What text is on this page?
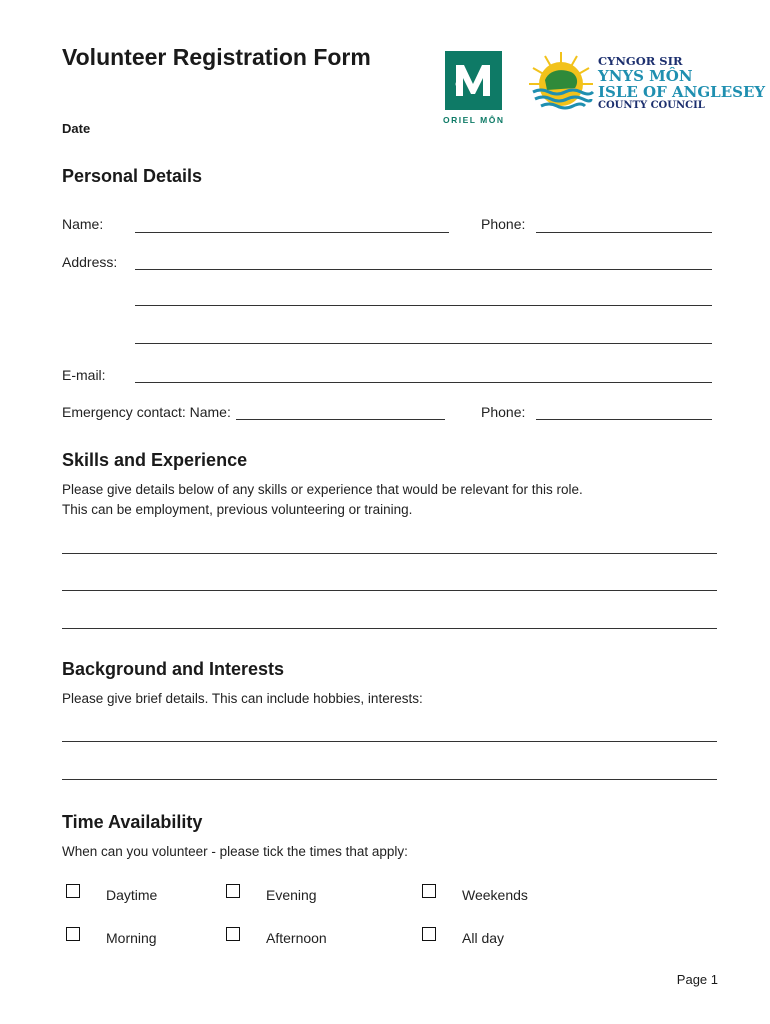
Volunteer Registration Form
Date
ORIEL MÔN
CYNGOR SIR
YNYS MÔN
ISLE OF ANGLESEY
COUNTY COUNCIL
Personal Details
Name:	Phone:
Address:
E-mail:
Emergency contact: Name:	Phone:
Skills and Experience
Please give details below of any skills or experience that would be relevant for this role.
This can be employment, previous volunteering or training.
Background and Interests
Please give brief details. This can include hobbies, interests:
Time Availability
When can you volunteer - please tick the times that apply:
Daytime	Evening	Weekends
Morning	Afternoon	All day
Page 1
